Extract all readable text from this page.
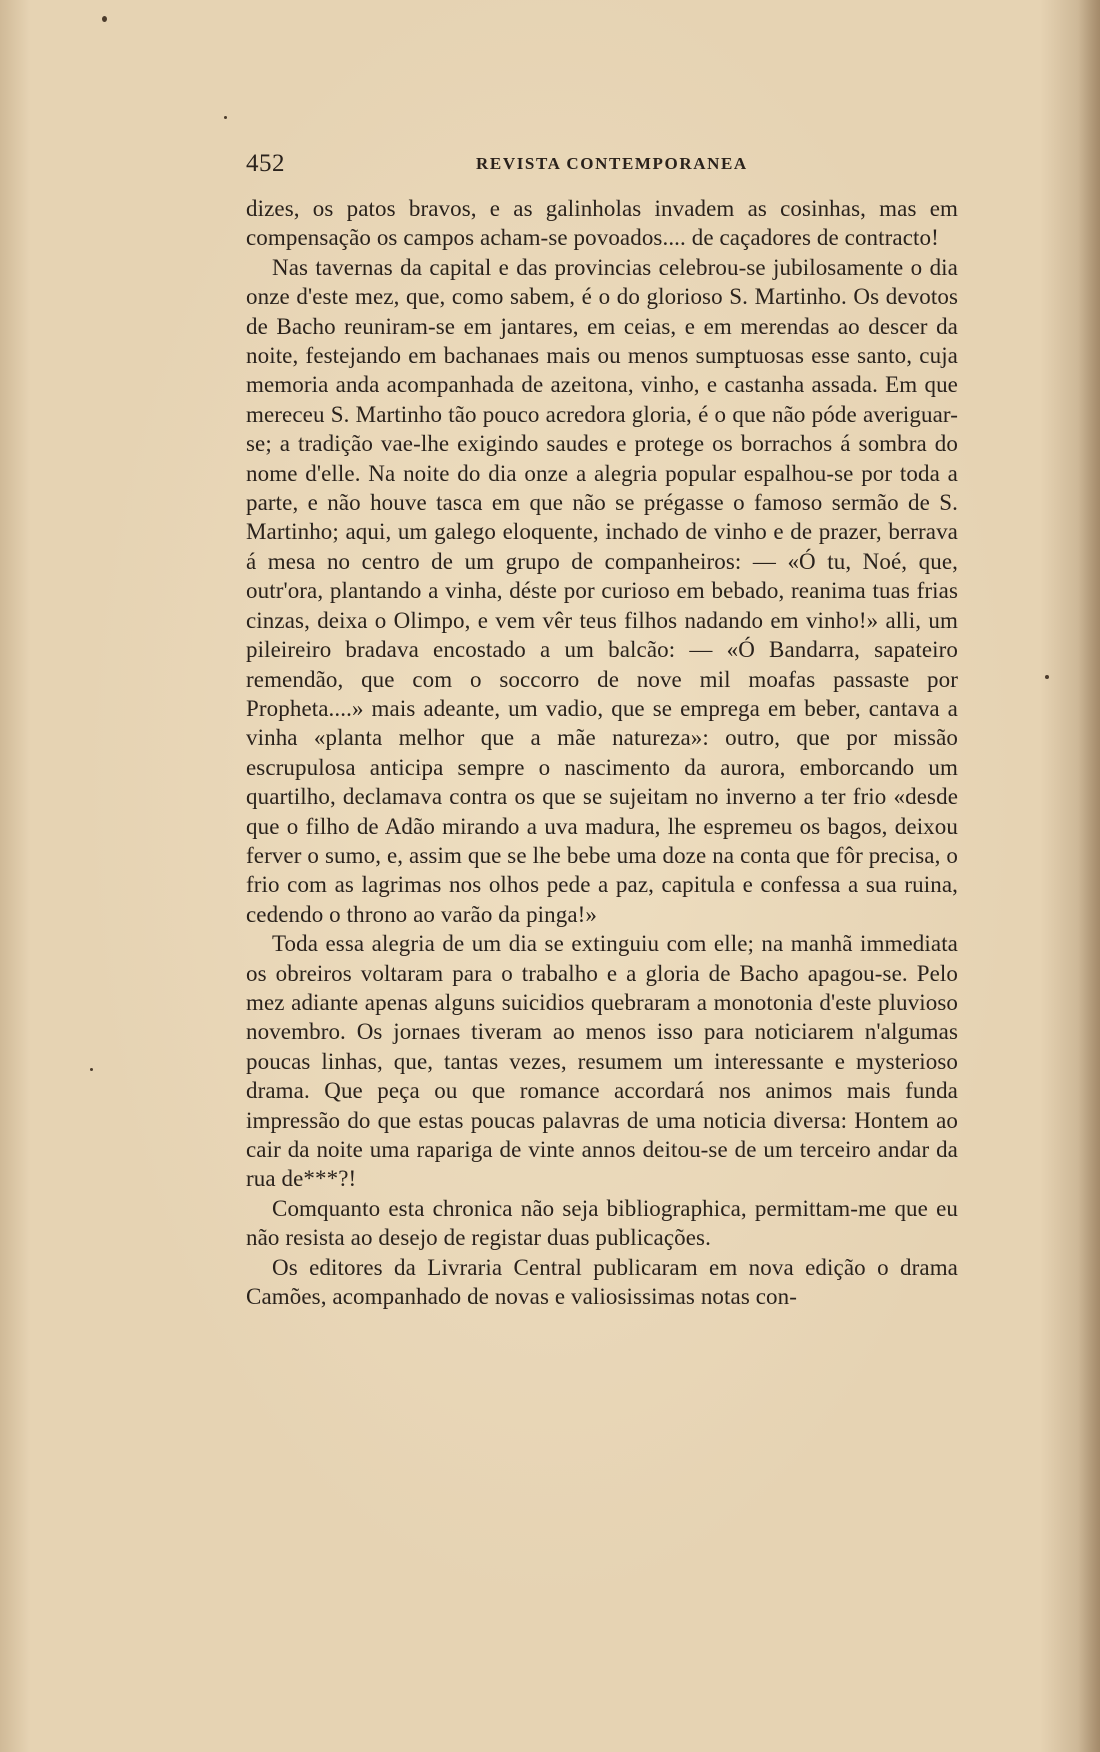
452	REVISTA CONTEMPORANEA

dizes, os patos bravos, e as galinholas invadem as cosinhas, mas em compensação os campos acham-se povoados.... de caçadores de contracto!

Nas tavernas da capital e das provincias celebrou-se jubilosamente o dia onze d'este mez, que, como sabem, é o do glorioso S. Martinho. Os devotos de Bacho reuniram-se em jantares, em ceias, e em merendas ao descer da noite, festejando em bachanaes mais ou menos sumptuosas esse santo, cuja memoria anda acompanhada de azeitona, vinho, e castanha assada. Em que mereceu S. Martinho tão pouco acredora gloria, é o que não póde averiguar-se; a tradição vae-lhe exigindo saudes e protege os borrachos á sombra do nome d'elle. Na noite do dia onze a alegria popular espalhou-se por toda a parte, e não houve tasca em que não se prégasse o famoso sermão de S. Martinho; aqui, um galego eloquente, inchado de vinho e de prazer, berrava á mesa no centro de um grupo de companheiros: — «Ó tu, Noé, que, outr'ora, plantando a vinha, déste por curioso em bebado, reanima tuas frias cinzas, deixa o Olimpo, e vem vêr teus filhos nadando em vinho!» alli, um pileireiro bradava encostado a um balcão: — «Ó Bandarra, sapateiro remendão, que com o soccorro de nove mil moafas passaste por Propheta....» mais adeante, um vadio, que se emprega em beber, cantava a vinha «planta melhor que a mãe natureza»: outro, que por missão escrupulosa anticipa sempre o nascimento da aurora, emborcando um quartilho, declamava contra os que se sujeitam no inverno a ter frio «desde que o filho de Adão mirando a uva madura, lhe espremeu os bagos, deixou ferver o sumo, e, assim que se lhe bebe uma doze na conta que fôr precisa, o frio com as lagrimas nos olhos pede a paz, capitula e confessa a sua ruina, cedendo o throno ao varão da pinga!»

Toda essa alegria de um dia se extinguiu com elle; na manhã immediata os obreiros voltaram para o trabalho e a gloria de Bacho apagou-se. Pelo mez adiante apenas alguns suicidios quebraram a monotonia d'este pluvioso novembro. Os jornaes tiveram ao menos isso para noticiarem n'algumas poucas linhas, que, tantas vezes, resumem um interessante e mysterioso drama. Que peça ou que romance accordará nos animos mais funda impressão do que estas poucas palavras de uma noticia diversa: Hontem ao cair da noite uma rapariga de vinte annos deitou-se de um terceiro andar da rua de***?!

Comquanto esta chronica não seja bibliographica, permittam-me que eu não resista ao desejo de registar duas publicações.

Os editores da Livraria Central publicaram em nova edição o drama Camões, acompanhado de novas e valiosissimas notas con-
